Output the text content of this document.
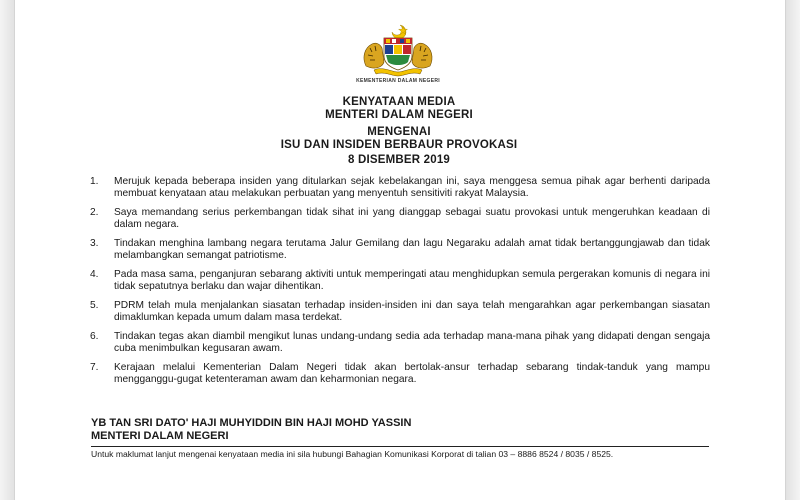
KEMENTERIAN DALAM NEGERI

KENYATAAN MEDIA

MENTERI DALAM NEGERI

MENGENAI

ISU DAN INSIDEN BERBAUR PROVOKASI

8 DISEMBER 2019

1.	Merujuk kepada beberapa insiden yang ditularkan sejak kebelakangan ini, saya menggesa semua pihak agar berhenti daripada membuat kenyataan atau melakukan perbuatan yang menyentuh sensitiviti rakyat Malaysia.
2.	Saya memandang serius perkembangan tidak sihat ini yang dianggap sebagai suatu provokasi untuk mengeruhkan keadaan di dalam negara.
3.	Tindakan menghina lambang negara terutama Jalur Gemilang dan lagu Negaraku adalah amat tidak bertanggungjawab dan tidak melambangkan semangat patriotisme.
4.	Pada masa sama, penganjuran sebarang aktiviti untuk memperingati atau menghidupkan semula pergerakan komunis di negara ini tidak sepatutnya berlaku dan wajar dihentikan.
5.	PDRM telah mula menjalankan siasatan terhadap insiden-insiden ini dan saya telah mengarahkan agar perkembangan siasatan dimaklumkan kepada umum dalam masa terdekat.
6.	Tindakan tegas akan diambil mengikut lunas undang-undang sedia ada terhadap mana-mana pihak yang didapati dengan sengaja cuba menimbulkan kegusaran awam.
7.	Kerajaan melalui Kementerian Dalam Negeri tidak akan bertolak-ansur terhadap sebarang tindak-tanduk yang mampu mengganggu-gugat ketenteraman awam dan keharmonian negara.

YB TAN SRI DATO' HAJI MUHYIDDIN BIN HAJI MOHD YASSIN

MENTERI DALAM NEGERI

Untuk maklumat lanjut mengenai kenyataan media ini sila hubungi Bahagian Komunikasi Korporat di talian 03 – 8886 8524 / 8035 / 8525.
